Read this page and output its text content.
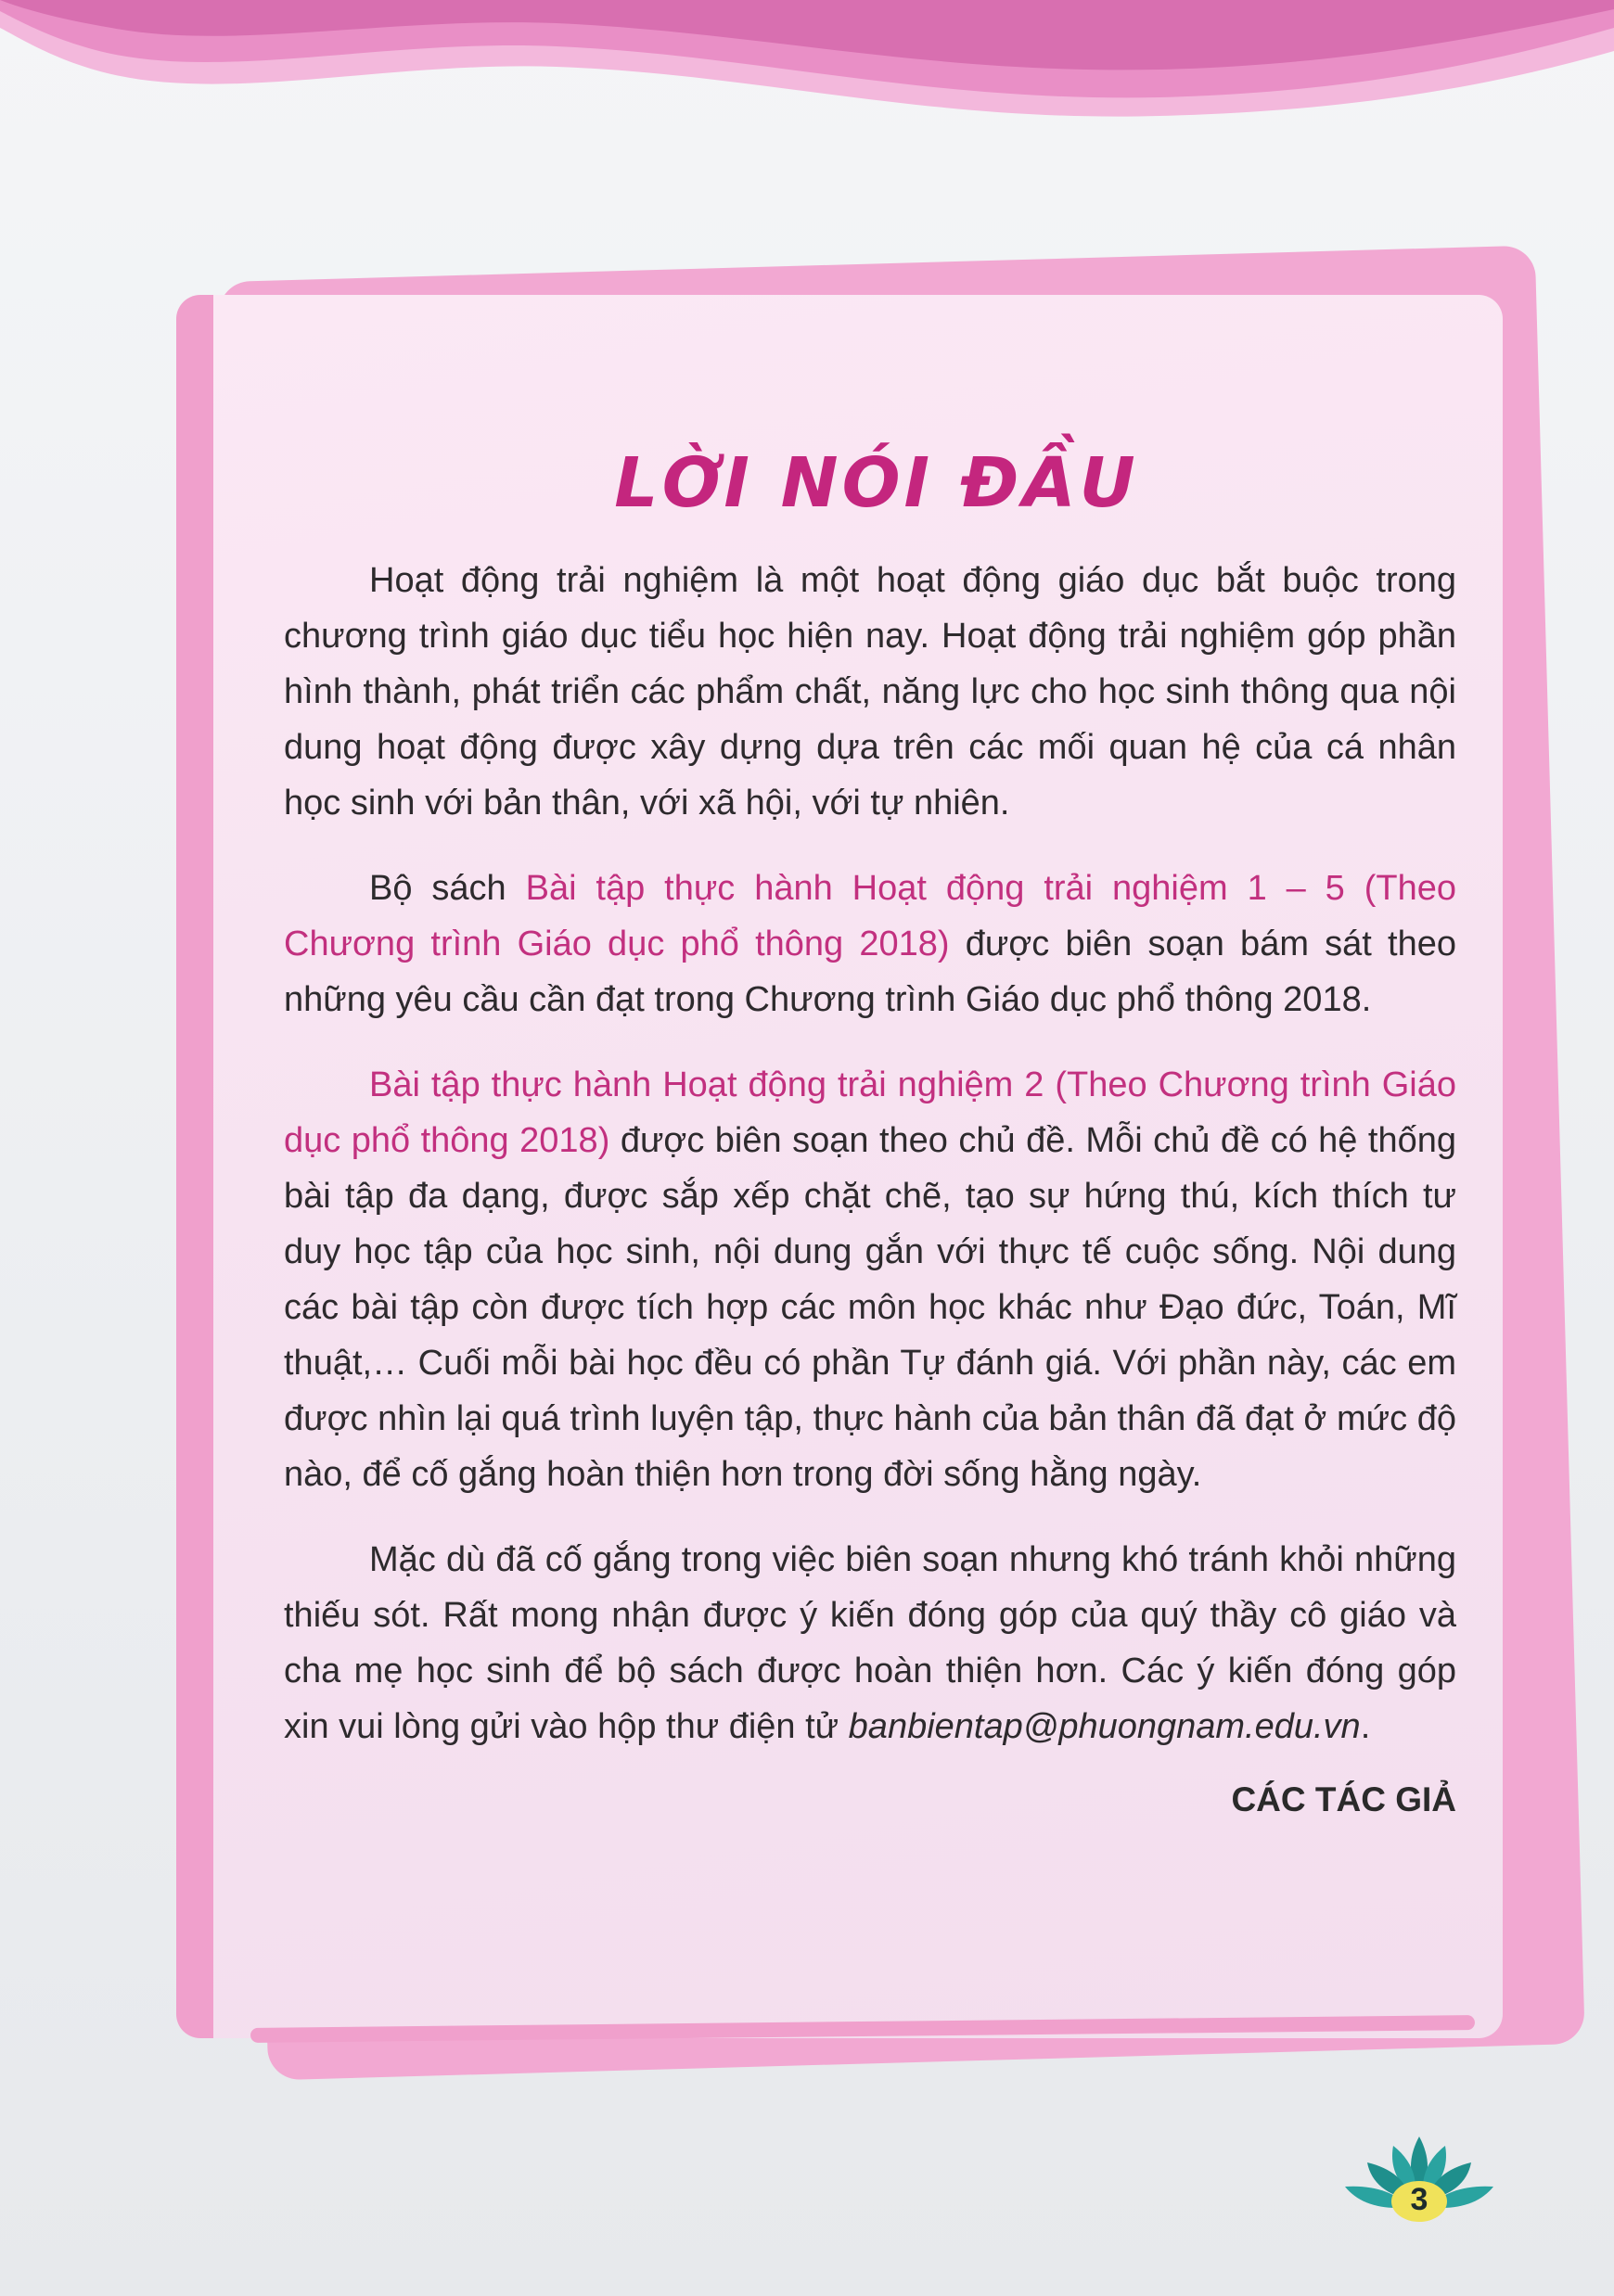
LỜI NÓI ĐẦU

Hoạt động trải nghiệm là một hoạt động giáo dục bắt buộc trong chương trình giáo dục tiểu học hiện nay. Hoạt động trải nghiệm góp phần hình thành, phát triển các phẩm chất, năng lực cho học sinh thông qua nội dung hoạt động được xây dựng dựa trên các mối quan hệ của cá nhân học sinh với bản thân, với xã hội, với tự nhiên.

Bộ sách Bài tập thực hành Hoạt động trải nghiệm 1 – 5 (Theo Chương trình Giáo dục phổ thông 2018) được biên soạn bám sát theo những yêu cầu cần đạt trong Chương trình Giáo dục phổ thông 2018.

Bài tập thực hành Hoạt động trải nghiệm 2 (Theo Chương trình Giáo dục phổ thông 2018) được biên soạn theo chủ đề. Mỗi chủ đề có hệ thống bài tập đa dạng, được sắp xếp chặt chẽ, tạo sự hứng thú, kích thích tư duy học tập của học sinh, nội dung gắn với thực tế cuộc sống. Nội dung các bài tập còn được tích hợp các môn học khác như Đạo đức, Toán, Mĩ thuật,… Cuối mỗi bài học đều có phần Tự đánh giá. Với phần này, các em được nhìn lại quá trình luyện tập, thực hành của bản thân đã đạt ở mức độ nào, để cố gắng hoàn thiện hơn trong đời sống hằng ngày.

Mặc dù đã cố gắng trong việc biên soạn nhưng khó tránh khỏi những thiếu sót. Rất mong nhận được ý kiến đóng góp của quý thầy cô giáo và cha mẹ học sinh để bộ sách được hoàn thiện hơn. Các ý kiến đóng góp xin vui lòng gửi vào hộp thư điện tử banbientap@phuongnam.edu.vn.

CÁC TÁC GIẢ
3
